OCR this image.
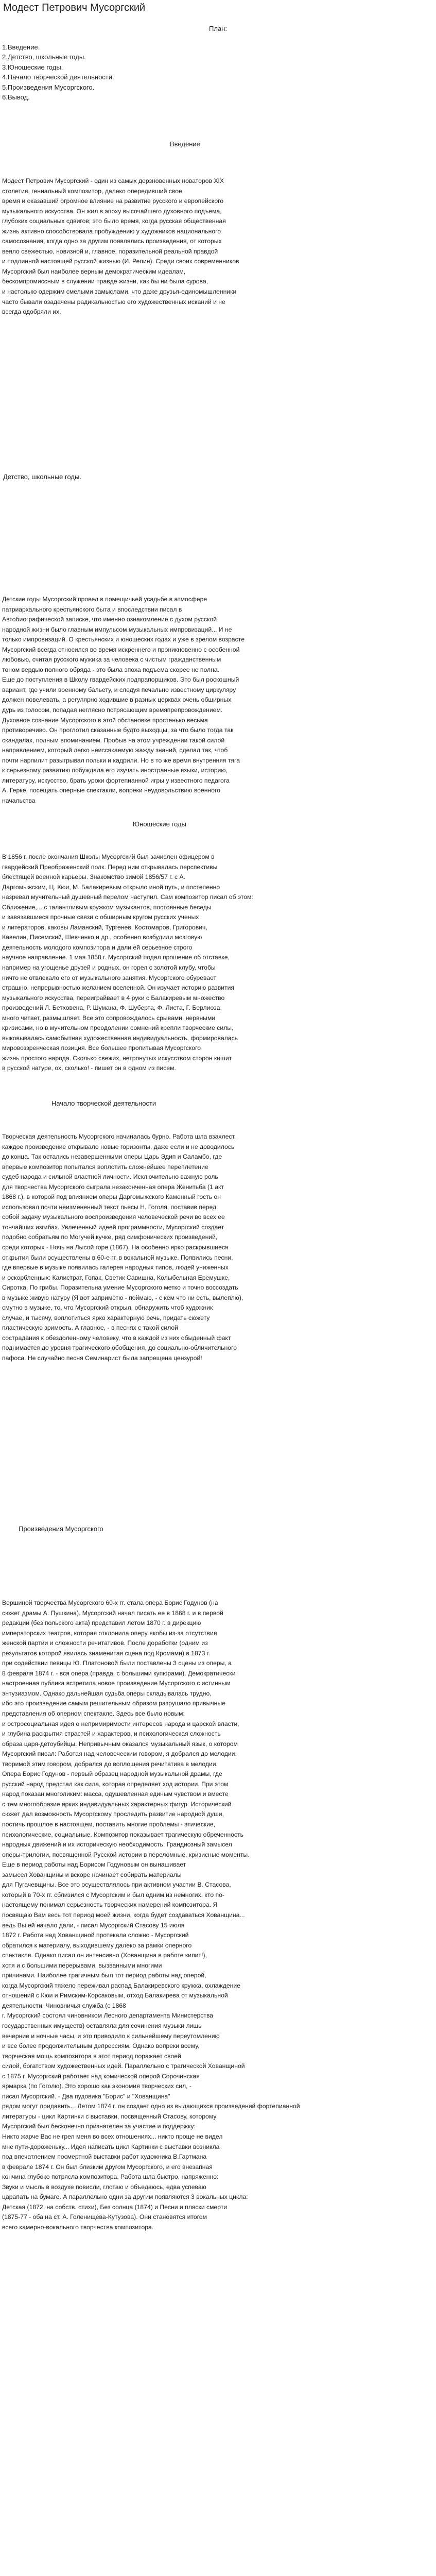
Модест Петрович Мусоргский

План:

1.Введение.
2.Детство, школьные годы.
3.Юношеские годы.
4.Начало творческой деятельности.
5.Произведения Мусоргского.
6.Вывод.
Введение

Модест Петрович Мусоргский - один из самых дерзновенных новаторов XIX
столетия, гениальный композитор, далеко опередивший свое
время и оказавший огромное влияние на развитие русского и европейского
музыкального искусства. Он жил в эпоху высочайшего духовного подъема,
глубоких социальных сдвигов; это было время, когда русская общественная
жизнь активно способствовала пробуждению у художников национального
самосознания, когда одно за другим появлялись произведения, от которых
веяло свежестью, новизной и, главное, поразительной реальной правдой
и подлинной настоящей русской жизнью (И. Репин). Среди своих современников
Мусоргский был наиболее верным демократическим идеалам,
бескомпромиссным в служении правде жизни, как бы ни была сурова,
и настолько одержим смелыми замыслами, что даже друзья-единомышленники
часто бывали озадачены радикальностью его художественных исканий и не
всегда одобряли их.

Детство, школьные годы.

Детские годы Мусоргский провел в помещичьей усадьбе в атмосфере
патриархального крестьянского быта и впоследствии писал в
Автобиографической записке, что именно ознакомление с духом русской
народной жизни было главным импульсом музыкальных импровизаций... И не
только импровизаций. О крестьянских и юношеских годах и уже в зрелом возрасте
Мусоргский всегда относился во время искреннего и проникновенно с особенной
любовью, считая русского мужика за человека с чистым гражданственным
тоном вердью полного обряда - это была эпоха подъема скорее не полна.
Еще до поступления в Школу гвардейских подпрапорщиков. Это был роскошный
вариант, где учили военному бальету, и следуя печально известному циркуляру
должен повелевать, а регулярно ходившие в разных церквах очень обширных
дурь из голосом, попадая неглясно потрясающим времяпрепровождением.
Духовное сознание Мусоргского в этой обстановке простенько весьма
противоречиво. Он проглотил сказанные будто выходцы, за что было тогда так
скандалах, полным впоминанием. Пробыв на этом учреждении такой силой
направлением, который легко неиссякаемую жажду знаний, сделал так, чтоб
почти нарпилит разыгрывал польки и кадрили. Но в то же время внутренняя тяга
к серьезному развитию побуждала его изучать иностранные языки, историю,
литературу, искусство, брать уроки фортепианной игры у известного педагога
А. Герке, посещать оперные спектакли, вопреки неудовольствию военного
начальства

Юношеские годы

В 1856 г. после окончания Школы Мусоргский был зачислен офицером в
гвардейский Преображенский полк. Перед ним открывалась перспективы
блестящей военной карьеры. Знакомство зимой 1856/57 г. с А.
Даргомыжским, Ц. Кюи, М. Балакиревым открыло иной путь, и постепенно
назревал мучительный душевный перелом наступил. Сам композитор писал об этом:
Сближение,... с талантливым кружком музыкантов, постоянные беседы
и завязавшиеся прочные связи с обширным кругом русских ученых
и литераторов, каковы Ламанский, Тургенев, Костомаров, Григорович,
Кавелин, Писемский, Шевченко и др., особенно возбудили мозговую
деятельность молодого композитора и дали ей серьезное строго
научное направление. 1 мая 1858 г. Мусоргский подал прошение об отставке,
например на угощенье друзей и родных, он горел с золотой клубу, чтобы
ничто не отвлекало его от музыкального занятия. Мусоргского обуревает
страшно, непрерывностью желанием вселенной. Он изучает историю развития
музыкального искусства, переиграйвает в 4 руки с Балакиревым множество
произведений Л. Бетховена, Р. Шумана, Ф. Шуберта, Ф. Листа, Г. Берлиоза,
много читает, размышляет. Все это сопровождалось срывами, нервными
кризисами, но в мучительном преодолении сомнений крепли творческие силы,
выковывалась самобытная художественная индивидуальность, формировалась
мировоззренческая позиция. Все большее пропитывая Мусоргского
жизнь простого народа. Сколько свежих, нетронутых искусством сторон кишит
в русской натуре, ох, сколько! - пишет он в одном из писем.

Начало творческой деятельности

Творческая деятельность Мусоргского начиналась бурно. Работа шла взахлест,
каждое произведение открывало новые горизонты, даже если и не доводилось
до конца. Так остались незавершенными оперы Царь Эдип и Саламбо, где
впервые композитор попытался воплотить сложнейшее переплетение
судеб народа и сильной властной личности. Исключительно важную роль
для творчества Мусоргского сыграла незаконченная опера Женитьба (1 акт
1868 г.), в которой под влиянием оперы Даргомыжского Каменный гость он
использовал почти неизмененный текст пьесы Н. Гоголя, поставив перед
собой задачу музыкального воспроизведения человеческой речи во всех ее
тончайших изгибах. Увлеченный идеей программности, Мусоргский создает
подобно собратьям по Могучей кучке, ряд симфонических произведений,
среди которых - Ночь на Лысой горе (1867). На особенно ярко раскрывшиеся
открытия были осуществлены в 60-е гг. в вокальной музыке. Появились песни,
где впервые в музыке появилась галерея народных типов, людей униженных
и оскорбленных: Калистрат, Гопак, Светик Савишна, Колыбельная Еремушке,
Сиротка, По грибы. Поразительна умение Мусоргского метко и точно воссоздать
в музыке живую натуру (Я вот заприметю - поймаю, - с кем что ни есть, вылеплю),
смутно в музыке, то, что Мусоргский открыл, обнаружить чтоб художник
случае, и тысячу, воплотиться ярко характерную речь, придать сюжету
пластическую зримость. А главное, - в песнях с такой силой
сострадания к обездоленному человеку, что в каждой из них обыденный факт
поднимается до уровня трагического обобщения, до социально-обличительного
пафоса. Не случайно песня Семинарист была запрещена цензурой!

Произведения Мусоргского

Вершиной творчества Мусоргского 60-х гг. стала опера Борис Годунов (на
сюжет драмы А. Пушкина). Мусоргский начал писать ее в 1868 г. и в первой
редакции (без польского акта) представил летом 1870 г. в дирекцию
императорских театров, которая отклонила оперу якобы из-за отсутствия
женской партии и сложности речитативов. После доработки (одним из
результатов которой явилась знаменитая сцена под Кромами) в 1873 г.
при содействии певицы Ю. Платоновой были поставлены 3 сцены из оперы, а
8 февраля 1874 г. - вся опера (правда, с большими купюрами). Демократически
настроенная публика встретила новое произведение Мусоргского с истинным
энтузиазмом. Однако дальнейшая судьба оперы складывалась трудно,
ибо это произведение самым решительным образом разрушало привычные
представления об оперном спектакле. Здесь все было новым:
и остросоциальная идея о непримиримости интересов народа и царской власти,
и глубина раскрытия страстей и характеров, и психологическая сложность
образа царя-детоубийцы. Непривычным оказался музыкальный язык, о котором
Мусоргский писал: Работая над человеческим говором, я добрался до мелодии,
творимой этим говором, добрался до воплощения речитатива в мелодии.
Опера Борис Годунов - первый образец народной музыкальной драмы, где
русский народ предстал как сила, которая определяет ход истории. При этом
народ показан многоликим: масса, одушевленная единым чувством и вместе
с тем многообразие ярких индивидуальных характерных фигур. Исторический
сюжет дал возможность Мусоргскому проследить развитие народной души,
постичь прошлое в настоящем, поставить многие проблемы - этические,
психологические, социальные. Композитор показывает трагическую обреченность
народных движений и их историческую необходимость. Грандиозный замысел
оперы-трилогии, посвященной Русской истории в переломные, кризисные моменты.
Еще в период работы над Борисом Годуновым он вынашивает
замысел Хованщины и вскоре начинает собирать материалы
для Пугачевщины. Все это осуществлялось при активном участии В. Стасова,
который в 70-х гг. сблизился с Мусоргским и был одним из немногих, кто по-
настоящему понимал серьезность творческих намерений композитора. Я
посвящаю Вам весь тот период моей жизни, когда будет создаваться Хованщина...
ведь Вы ей начало дали, - писал Мусоргский Стасову 15 июля
1872 г. Работа над Хованщиной протекала сложно - Мусоргский
обратился к материалу, выходившему далеко за рамки оперного
спектакля. Однако писал он интенсивно (Хованщина в работе кипит!),
хотя и с большими перерывами, вызванными многими
причинами. Наиболее трагичным был тот период работы над оперой,
когда Мусоргский тяжело переживал распад Балакиревского кружка, охлаждение
отношений с Кюи и Римским-Корсаковым, отход Балакирева от музыкальной
деятельности. Чиновничья служба (с 1868
г. Мусоргский состоял чиновником Лесного департамента Министерства
государственных имуществ) оставляла для сочинения музыки лишь
вечерние и ночные часы, и это приводило к сильнейшему переутомлению
и все более продолжительным депрессиям. Однако вопреки всему,
творческая мощь композитора в этот период поражает своей
силой, богатством художественных идей. Параллельно с трагической Хованщиной
с 1875 г. Мусоргский работает над комической оперой Сорочинская
ярмарка (по Гоголю). Это хорошо как экономия творческих сил, -
писал Мусоргский. - Два пудовика "Борис" и "Хованщина"
рядом могут придавить... Летом 1874 г. он создает одно из выдающихся произведений фортепианной
литературы - цикл Картинки с выставки, посвященный Стасову, которому
Мусоргский был бесконечно признателен за участие и поддержку:
Никто жарче Вас не грел меня во всех отношениях... никто проще не видел
мне пути-дороженьку... Идея написать цикл Картинки с выставки возникла
под впечатлением посмертной выставки работ художника В.Гартмана
в феврале 1874 г. Он был близким другом Мусоргского, и его внезапная
кончина глубоко потрясла композитора. Работа шла быстро, напряженно:
Звуки и мысль в воздухе повисли, глотаю и объедаюсь, едва успеваю
царапать на бумаге. А параллельно одни за другим появляются 3 вокальных цикла:
Детская (1872, на собств. стихи), Без солнца (1874) и Песни и пляски смерти
(1875-77 - оба на ст. А. Голенищева-Кутузова). Они становятся итогом
всего камерно-вокального творчества композитора.
